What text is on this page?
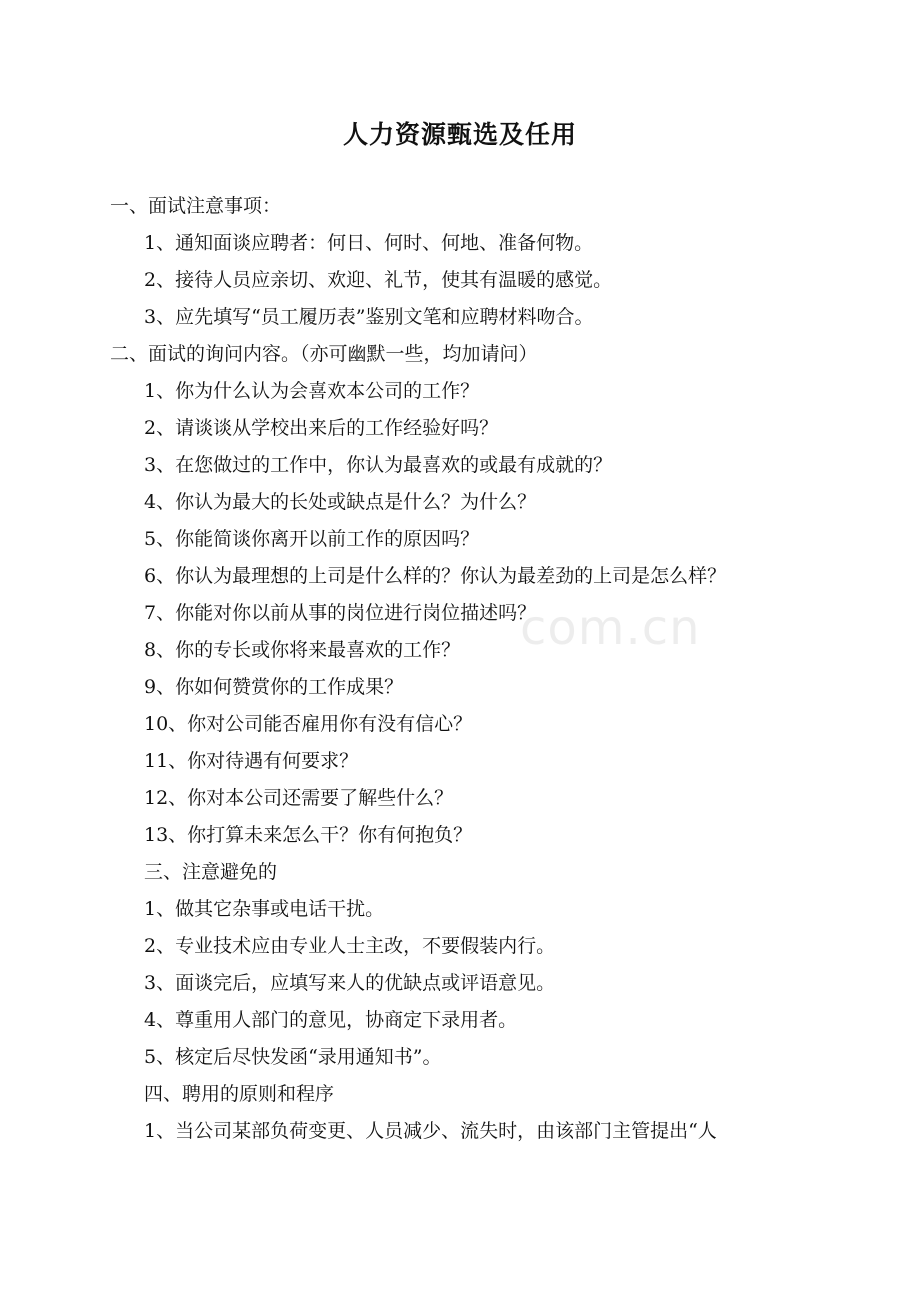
人力资源甄选及任用
一、面试注意事项：
1、通知面谈应聘者：何日、何时、何地、准备何物。
2、接待人员应亲切、欢迎、礼节，使其有温暖的感觉。
3、应先填写“员工履历表”鉴别文笔和应聘材料吻合。
二、面试的询问内容。（亦可幽默一些，均加请问）
1、你为什么认为会喜欢本公司的工作？
2、请谈谈从学校出来后的工作经验好吗？
3、在您做过的工作中，你认为最喜欢的或最有成就的？
4、你认为最大的长处或缺点是什么？为什么？
5、你能简谈你离开以前工作的原因吗？
6、你认为最理想的上司是什么样的？你认为最差劲的上司是怎么样？
7、你能对你以前从事的岗位进行岗位描述吗？
8、你的专长或你将来最喜欢的工作？
9、你如何赞赏你的工作成果？
10、你对公司能否雇用你有没有信心？
11、你对待遇有何要求？
12、你对本公司还需要了解些什么？
13、你打算未来怎么干？你有何抱负？
三、注意避免的
1、做其它杂事或电话干扰。
2、专业技术应由专业人士主改，不要假装内行。
3、面谈完后，应填写来人的优缺点或评语意见。
4、尊重用人部门的意见，协商定下录用者。
5、核定后尽快发函“录用通知书”。
四、聘用的原则和程序
1、当公司某部负荷变更、人员减少、流失时，由该部门主管提出“人
com.cn
